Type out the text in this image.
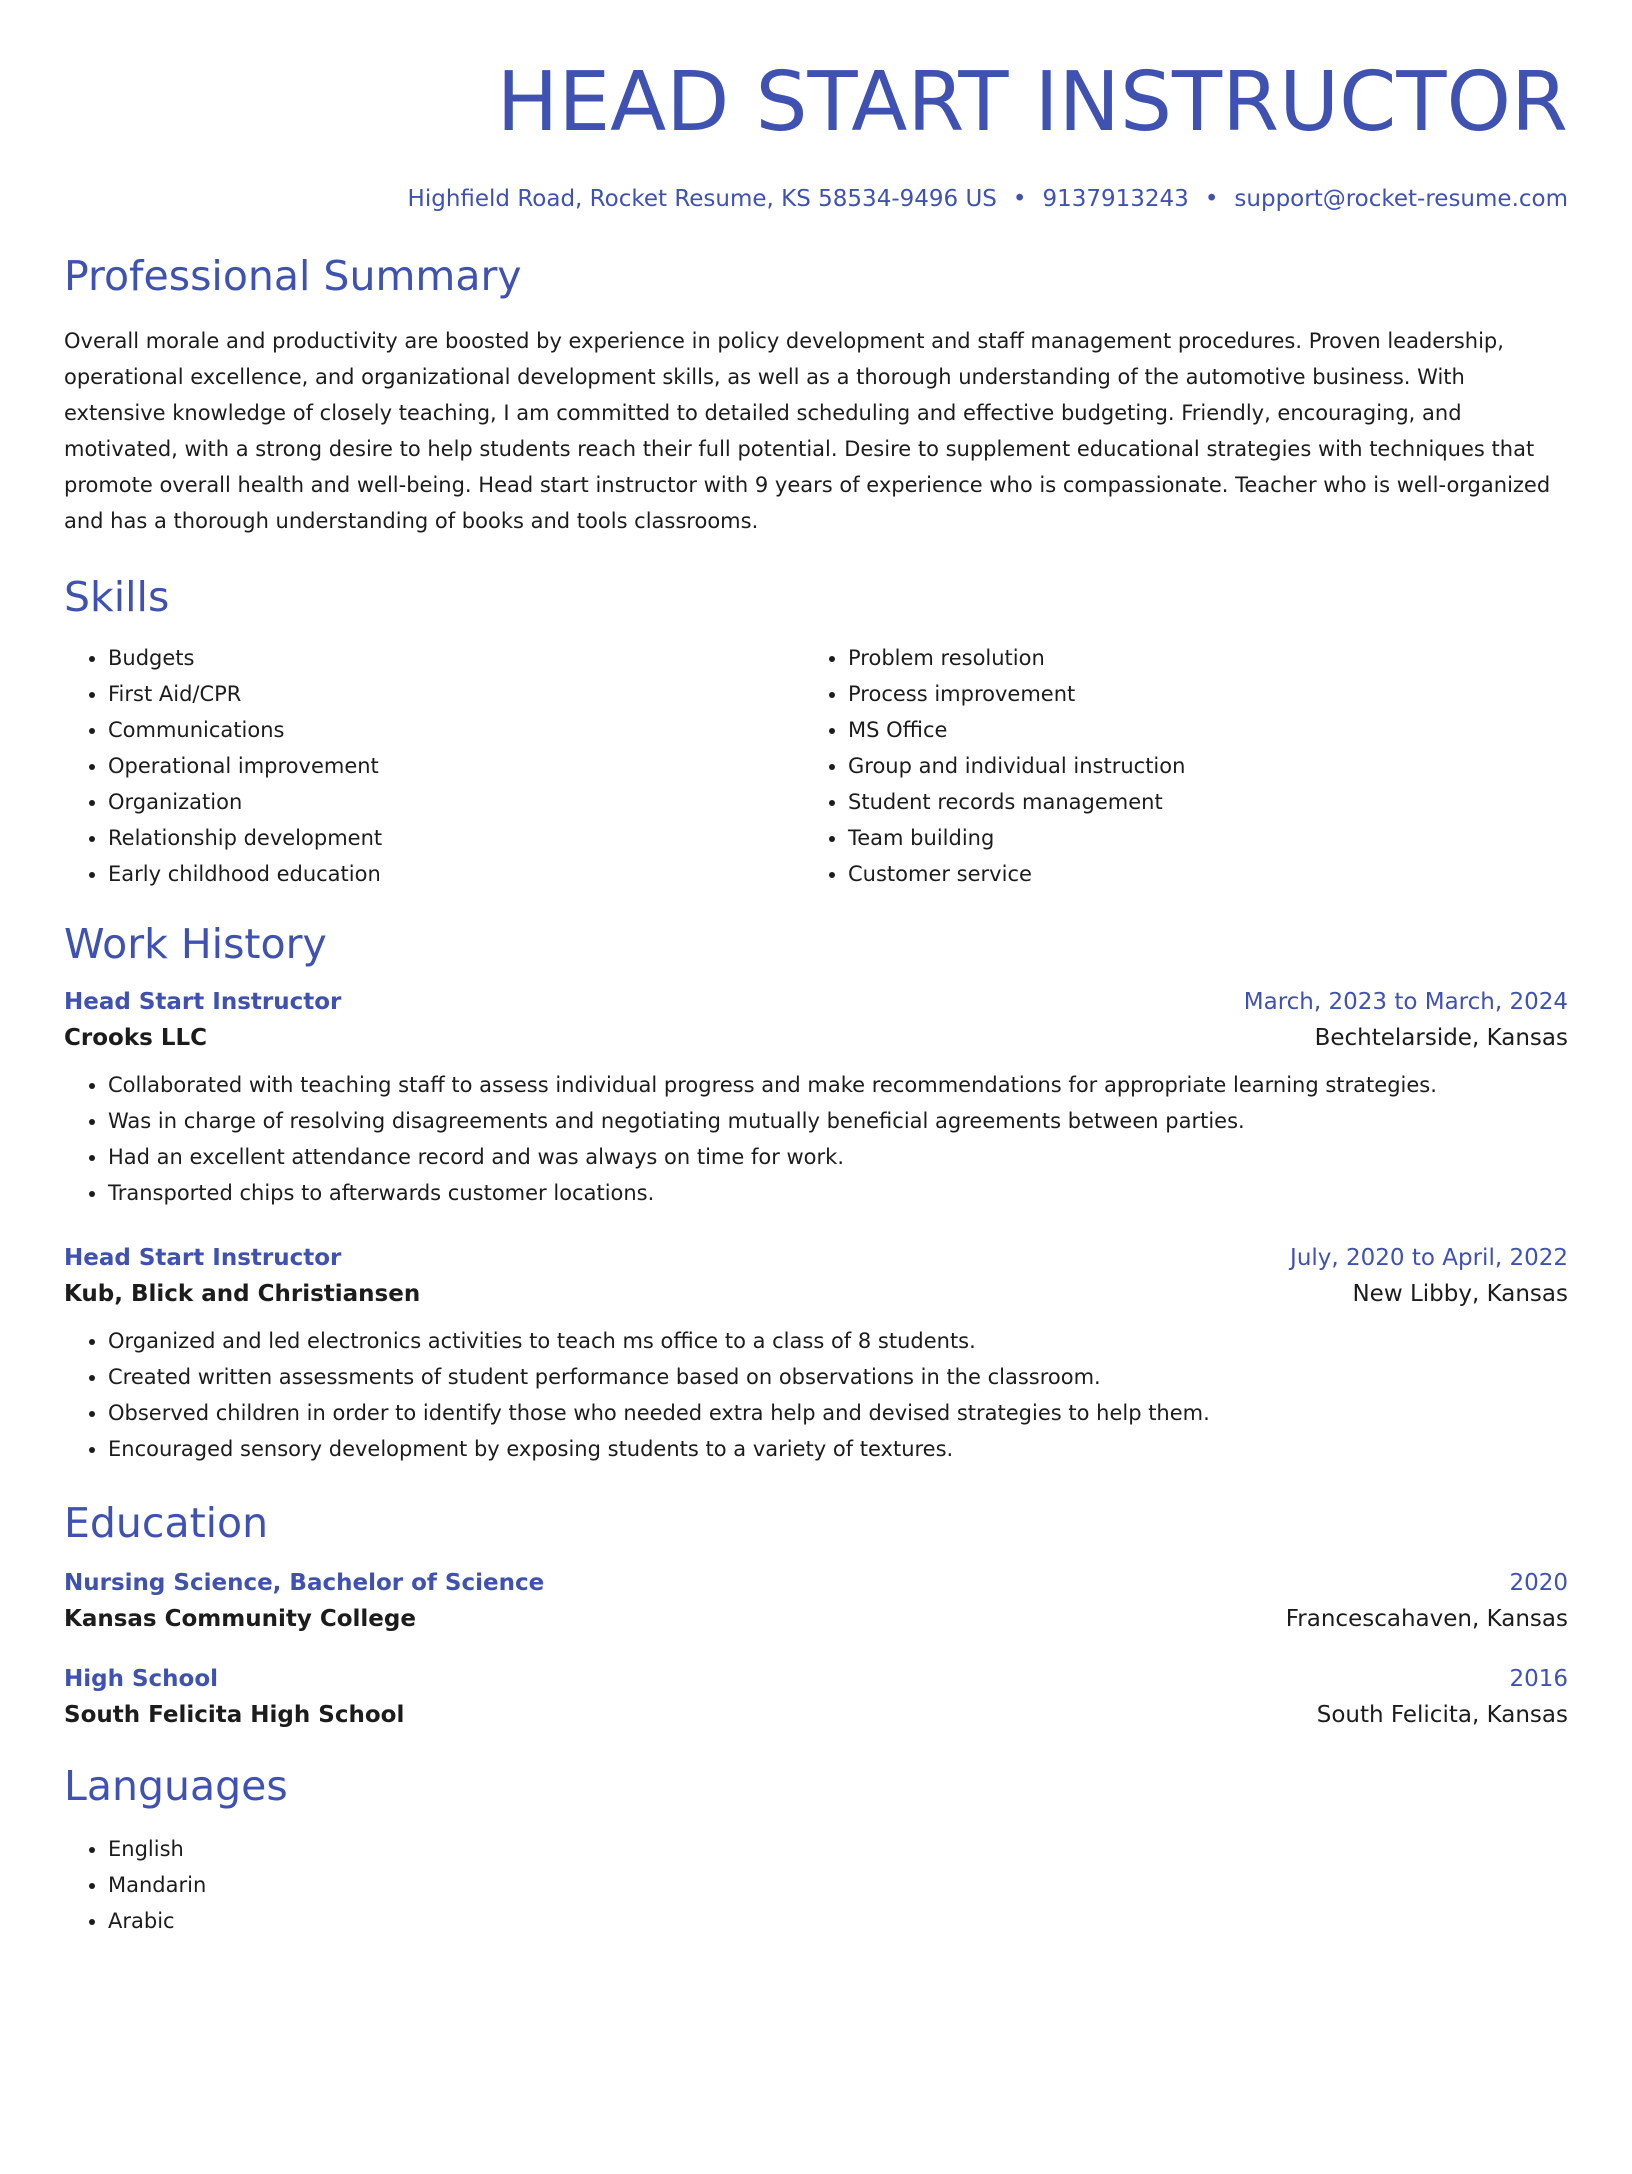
HEAD START INSTRUCTOR
Highfield Road, Rocket Resume, KS 58534-9496 US • 9137913243 • support@rocket-resume.com
Professional Summary
Overall morale and productivity are boosted by experience in policy development and staff management procedures. Proven leadership, operational excellence, and organizational development skills, as well as a thorough understanding of the automotive business. With extensive knowledge of closely teaching, I am committed to detailed scheduling and effective budgeting. Friendly, encouraging, and motivated, with a strong desire to help students reach their full potential. Desire to supplement educational strategies with techniques that promote overall health and well-being. Head start instructor with 9 years of experience who is compassionate. Teacher who is well-organized and has a thorough understanding of books and tools classrooms.
Skills
• Budgets
• First Aid/CPR
• Communications
• Operational improvement
• Organization
• Relationship development
• Early childhood education
• Problem resolution
• Process improvement
• MS Office
• Group and individual instruction
• Student records management
• Team building
• Customer service
Work History
Head Start Instructor	March, 2023 to March, 2024
Crooks LLC	Bechtelarside, Kansas
• Collaborated with teaching staff to assess individual progress and make recommendations for appropriate learning strategies.
• Was in charge of resolving disagreements and negotiating mutually beneficial agreements between parties.
• Had an excellent attendance record and was always on time for work.
• Transported chips to afterwards customer locations.
Head Start Instructor	July, 2020 to April, 2022
Kub, Blick and Christiansen	New Libby, Kansas
• Organized and led electronics activities to teach ms office to a class of 8 students.
• Created written assessments of student performance based on observations in the classroom.
• Observed children in order to identify those who needed extra help and devised strategies to help them.
• Encouraged sensory development by exposing students to a variety of textures.
Education
Nursing Science, Bachelor of Science	2020
Kansas Community College	Francescahaven, Kansas
High School	2016
South Felicita High School	South Felicita, Kansas
Languages
• English
• Mandarin
• Arabic
